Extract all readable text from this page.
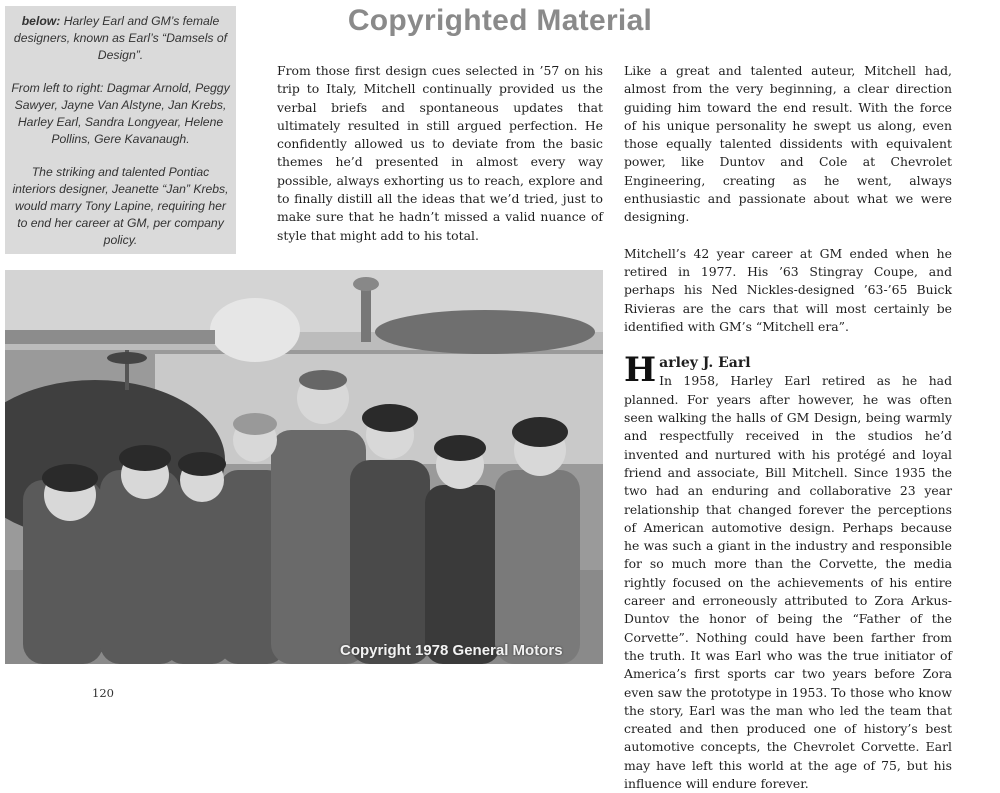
below: Harley Earl and GM’s female designers, known as Earl’s “Damsels of Design”.

From left to right: Dagmar Arnold, Peggy Sawyer, Jayne Van Alstyne, Jan Krebs, Harley Earl, Sandra Longyear, Helene Pollins, Gere Kavanaugh.

The striking and talented Pontiac interiors designer, Jeanette “Jan” Krebs, would marry Tony Lapine, requiring her to end her career at GM, per company policy.

Copyrighted Material

From those first design cues selected in ’57 on his trip to Italy, Mitchell continually provided us the verbal briefs and spontaneous updates that ultimately resulted in still argued perfection. He confidently allowed us to deviate from the basic themes he’d presented in almost every way possible, always exhorting us to reach, explore and to finally distill all the ideas that we’d tried, just to make sure that he hadn’t missed a valid nuance of style that might add to his total.

Like a great and talented auteur, Mitchell had, almost from the very beginning, a clear direction guiding him toward the end result. With the force of his unique personality he swept us along, even those equally talented dissidents with equivalent power, like Duntov and Cole at Chevrolet Engineering, creating as he went, always enthusiastic and passionate about what we were designing.

Mitchell’s 42 year career at GM ended when he retired in 1977. His ’63 Stingray Coupe, and perhaps his Ned Nickles-designed ’63-’65 Buick Rivieras are the cars that will most certainly be identified with GM’s “Mitchell era”.

H arley J. Earl
In 1958, Harley Earl retired as he had planned. For years after however, he was often seen walking the halls of GM Design, being warmly and respectfully received in the studios he’d invented and nurtured with his protégé and loyal friend and associate, Bill Mitchell. Since 1935 the two had an enduring and collaborative 23 year relationship that changed forever the perceptions of American automotive design. Perhaps because he was such a giant in the industry and responsible for so much more than the Corvette, the media rightly focused on the achievements of his entire career and erroneously attributed to Zora Arkus-Duntov the honor of being the “Father of the Corvette”. Nothing could have been farther from the truth. It was Earl who was the true initiator of America’s first sports car two years before Zora even saw the prototype in 1953. To those who know the story, Earl was the man who led the team that created and then produced one of history’s best automotive concepts, the Chevrolet Corvette. Earl may have left this world at the age of 75, but his influence will endure forever.
Copyright 1978 General Motors
120
